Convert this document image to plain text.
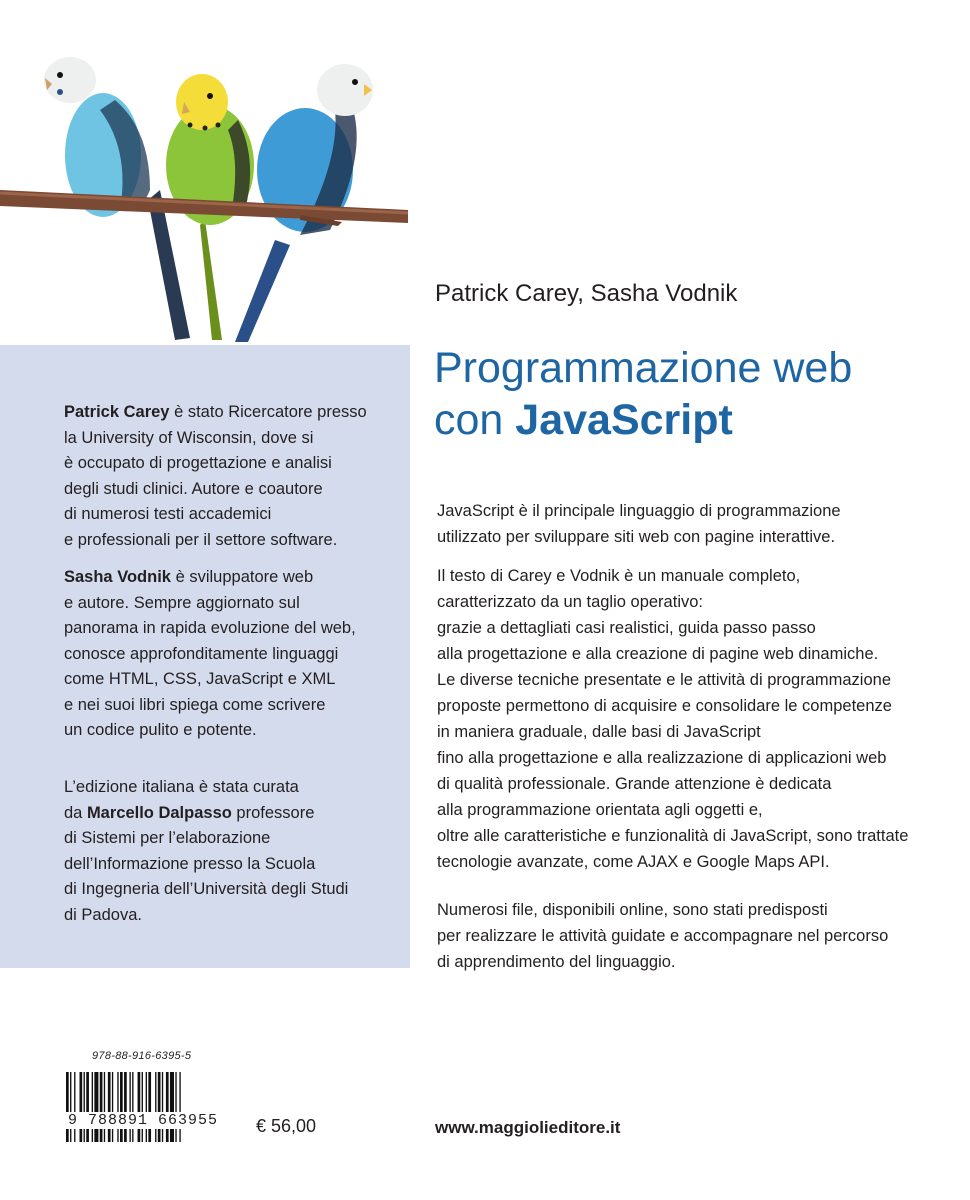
Patrick Carey è stato Ricercatore presso
la University of Wisconsin, dove si
è occupato di progettazione e analisi
degli studi clinici. Autore e coautore
di numerosi testi accademici
e professionali per il settore software.

Sasha Vodnik è sviluppatore web
e autore. Sempre aggiornato sul
panorama in rapida evoluzione del web,
conosce approfonditamente linguaggi
come HTML, CSS, JavaScript e XML
e nei suoi libri spiega come scrivere
un codice pulito e potente.

L’edizione italiana è stata curata
da Marcello Dalpasso professore
di Sistemi per l’elaborazione
dell’Informazione presso la Scuola
di Ingegneria dell’Università degli Studi
di Padova.

Patrick Carey, Sasha Vodnik

Programmazione web
con JavaScript

JavaScript è il principale linguaggio di programmazione
utilizzato per sviluppare siti web con pagine interattive.

Il testo di Carey e Vodnik è un manuale completo,
caratterizzato da un taglio operativo:
grazie a dettagliati casi realistici, guida passo passo
alla progettazione e alla creazione di pagine web dinamiche.
Le diverse tecniche presentate e le attività di programmazione
proposte permettono di acquisire e consolidare le competenze
in maniera graduale, dalle basi di JavaScript
fino alla progettazione e alla realizzazione di applicazioni web
di qualità professionale. Grande attenzione è dedicata
alla programmazione orientata agli oggetti e,
oltre alle caratteristiche e funzionalità di JavaScript, sono trattate
tecnologie avanzate, come AJAX e Google Maps API.

Numerosi file, disponibili online, sono stati predisposti
per realizzare le attività guidate e accompagnare nel percorso
di apprendimento del linguaggio.

978-88-916-6395-5
9 788891 663955 € 56,00	www.maggiolieditore.it
